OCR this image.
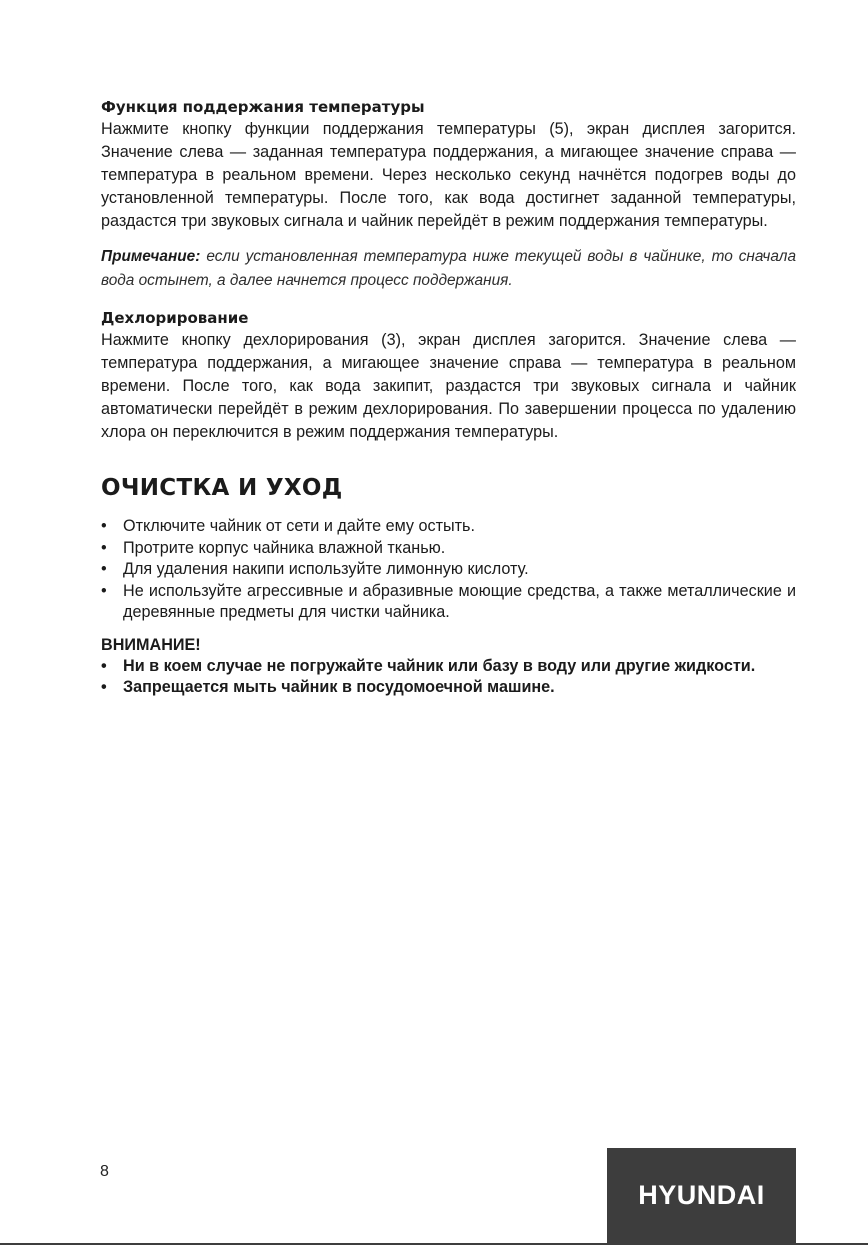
Функция поддержания температуры

Нажмите кнопку функции поддержания температуры (5), экран дисплея загорится. Значение слева — заданная температура поддержания, а мигающее значение справа — температура в реальном времени. Через несколько секунд начнётся подогрев воды до установленной температуры. После того, как вода достигнет заданной температуры, раздастся три звуковых сигнала и чайник перейдёт в режим поддержания температуры.

Примечание: если установленная температура ниже текущей воды в чайнике, то сначала вода остынет, а далее начнется процесс поддержания.

Дехлорирование

Нажмите кнопку дехлорирования (3), экран дисплея загорится. Значение слева — температура поддержания, а мигающее значение справа — температура в реальном времени. После того, как вода закипит, раздастся три звуковых сигнала и чайник автоматически перейдёт в режим дехлорирования. По завершении процесса по удалению хлора он переключится в режим поддержания температуры.

ОЧИСТКА И УХОД
• Отключите чайник от сети и дайте ему остыть.
• Протрите корпус чайника влажной тканью.
• Для удаления накипи используйте лимонную кислоту.
• Не используйте агрессивные и абразивные моющие средства, а также металлические и деревянные предметы для чистки чайника.
ВНИМАНИЕ!
• Ни в коем случае не погружайте чайник или базу в воду или другие жидкости.
• Запрещается мыть чайник в посудомоечной машине.
8
HYUNDAI
